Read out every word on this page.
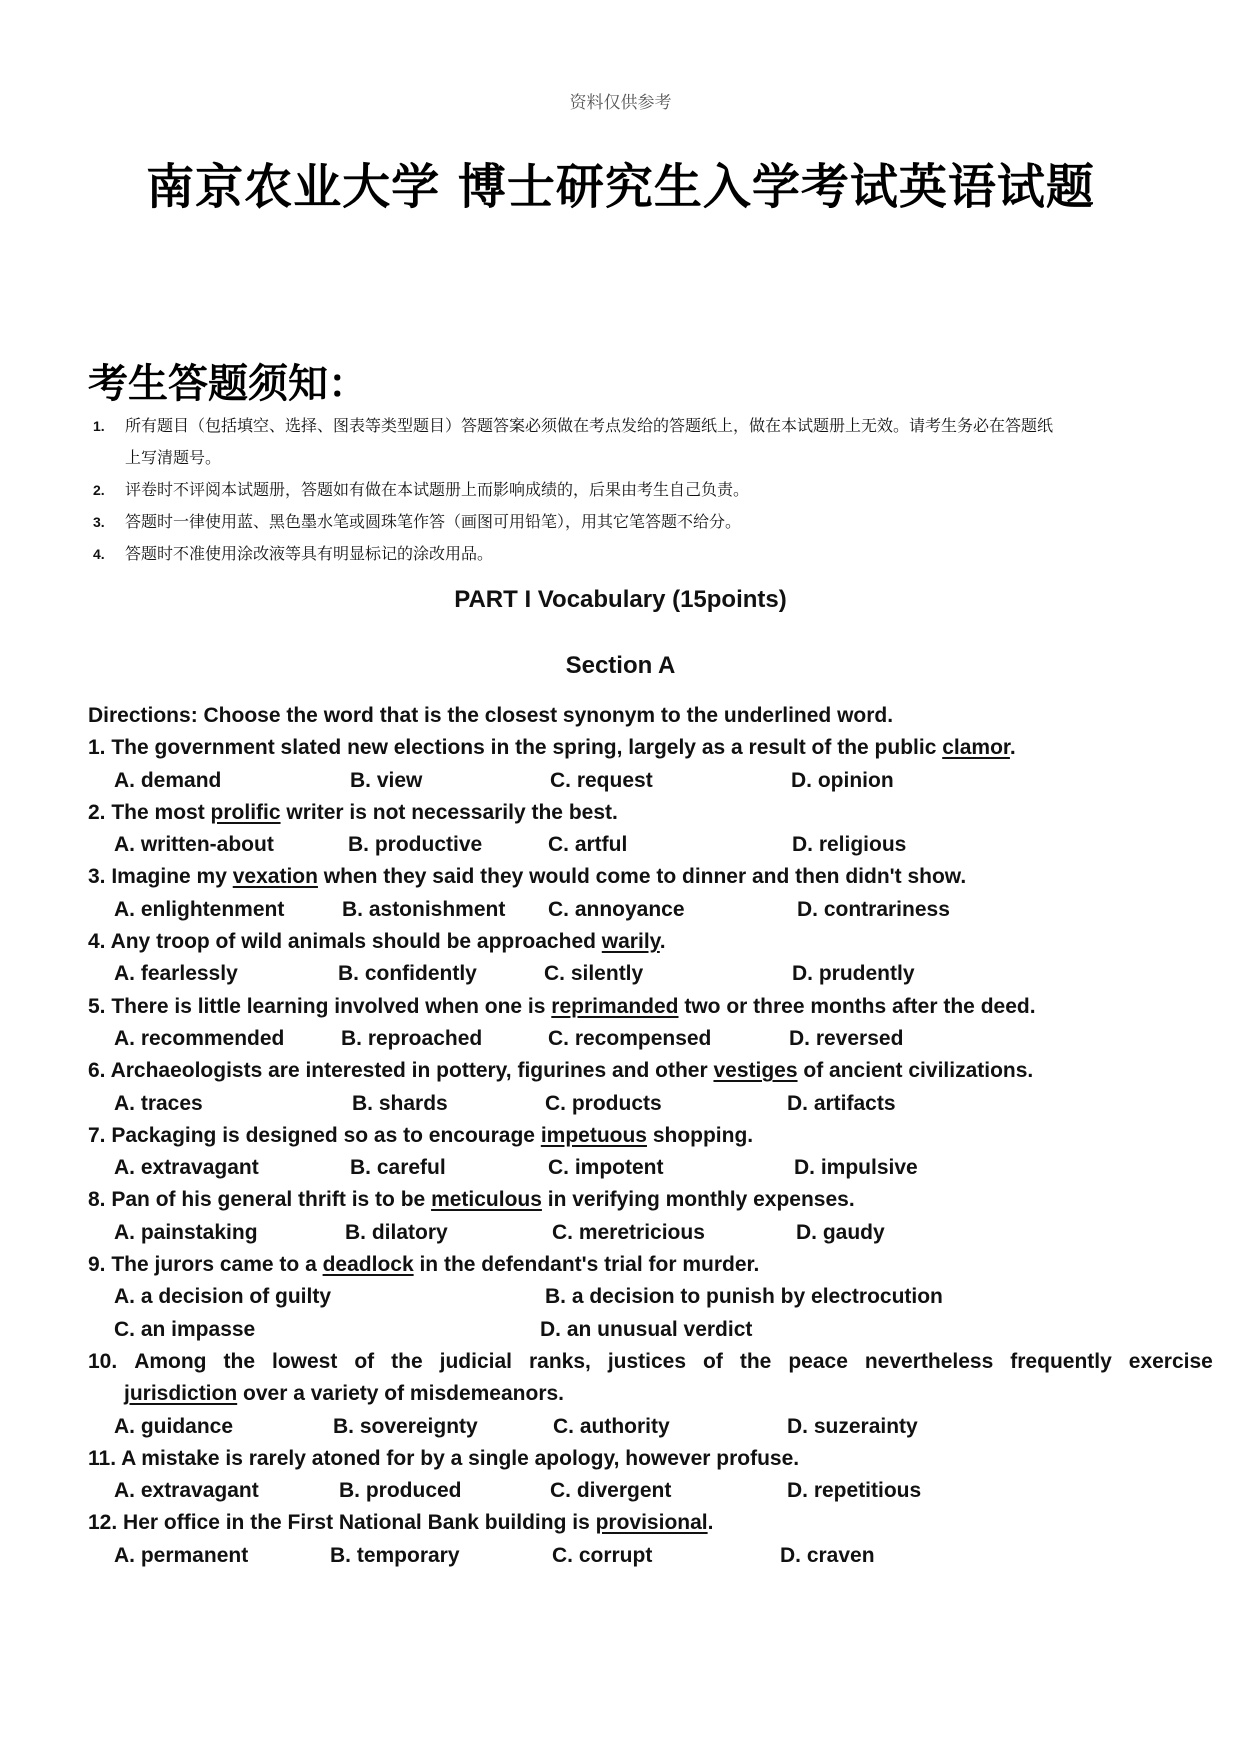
资料仅供参考
南京农业大学 博士研究生入学考试英语试题
考生答题须知：
1. 所有题目（包括填空、选择、图表等类型题目）答题答案必须做在考点发给的答题纸上，做在本试题册上无效。请考生务必在答题纸
上写清题号。
2. 评卷时不评阅本试题册，答题如有做在本试题册上而影响成绩的，后果由考生自己负责。
3. 答题时一律使用蓝、黑色墨水笔或圆珠笔作答（画图可用铅笔），用其它笔答题不给分。
4. 答题时不准使用涂改液等具有明显标记的涂改用品。
PART I Vocabulary (15points)
Section A
Directions: Choose the word that is the closest synonym to the underlined word.
1. The government slated new elections in the spring, largely as a result of the public clamor.
A. demand	B. view	C. request	D. opinion
2. The most prolific writer is not necessarily the best.
A. written-about	B. productive	C. artful	D. religious
3. Imagine my vexation when they said they would come to dinner and then didn't show.
A. enlightenment	B. astonishment C. annoyance	D. contrariness
4. Any troop of wild animals should be approached warily.
A. fearlessly	B. confidently	C. silently	D. prudently
5. There is little learning involved when one is reprimanded two or three months after the deed.
A. recommended	B. reproached	C. recompensed	D. reversed
6. Archaeologists are interested in pottery, figurines and other vestiges of ancient civilizations.
A. traces	B. shards	C. products	D. artifacts
7. Packaging is designed so as to encourage impetuous shopping.
A. extravagant	B. careful	C. impotent	D. impulsive
8. Pan of his general thrift is to be meticulous in verifying monthly expenses.
A. painstaking	B. dilatory	C. meretricious	D. gaudy
9. The jurors came to a deadlock in the defendant's trial for murder.
A. a decision of guilty	B. a decision to punish by electrocution
C. an impasse	D. an unusual verdict
10. Among the lowest of the judicial ranks, justices of the peace nevertheless frequently exercise
jurisdiction over a variety of misdemeanors.
A. guidance	B. sovereignty	C. authority	D. suzerainty
11. A mistake is rarely atoned for by a single apology, however profuse.
A. extravagant	B. produced	C. divergent	D. repetitious
12. Her office in the First National Bank building is provisional.
A. permanent	B. temporary	C. corrupt	D. craven
